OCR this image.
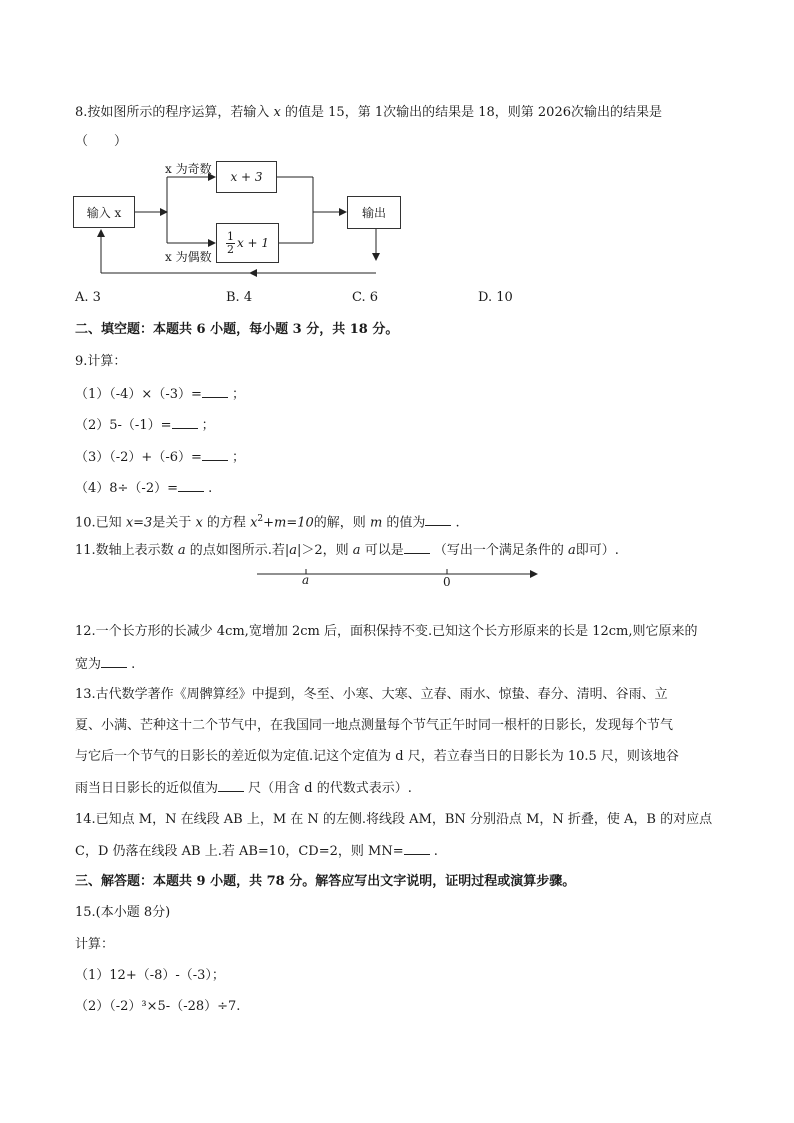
8.按如图所示的程序运算，若输入 x 的值是 15，第 1次输出的结果是 18，则第 2026次输出的结果是
（　　）
输入 x
x 为奇数
x 为偶数
x + 3
1
2 x + 1
输出
A. 3	B. 4	C. 6	D. 10
二、填空题：本题共 6 小题，每小题 3 分，共 18 分。
9.计算：
（1）（-4）×（-3）= ；
（2）5-（-1）= ；
（3）（-2）+（-6）= ；
（4）8÷（-2）= .
10.已知 x=3是关于 x 的方程 $x^2+m=10$的解，则 m 的值为 .
11.数轴上表示数 a 的点如图所示.若|a|＞2，则 a 可以是 （写出一个满足条件的 a即可）.
a	0
12.一个长方形的长减少 4cm,宽增加 2cm 后，面积保持不变.已知这个长方形原来的长是 12cm,则它原来的
宽为 .
13.古代数学著作《周髀算经》中提到，冬至、小寒、大寒、立春、雨水、惊蛰、春分、清明、谷雨、立
夏、小满、芒种这十二个节气中，在我国同一地点测量每个节气正午时同一根杆的日影长，发现每个节气
与它后一个节气的日影长的差近似为定值.记这个定值为 d 尺，若立春当日的日影长为 10.5 尺，则该地谷
雨当日日影长的近似值为 尺（用含 d 的代数式表示）.
14.已知点 M，N 在线段 AB 上，M 在 N 的左侧.将线段 AM，BN 分别沿点 M，N 折叠，使 A，B 的对应点
C，D 仍落在线段 AB 上.若 AB=10，CD=2，则 MN= .
三、解答题：本题共 9 小题，共 78 分。解答应写出文字说明，证明过程或演算步骤。
15.(本小题 8分)
计算：
（1）12+（-8）-（-3）；
（2）（-2）³×5-（-28）÷7.
